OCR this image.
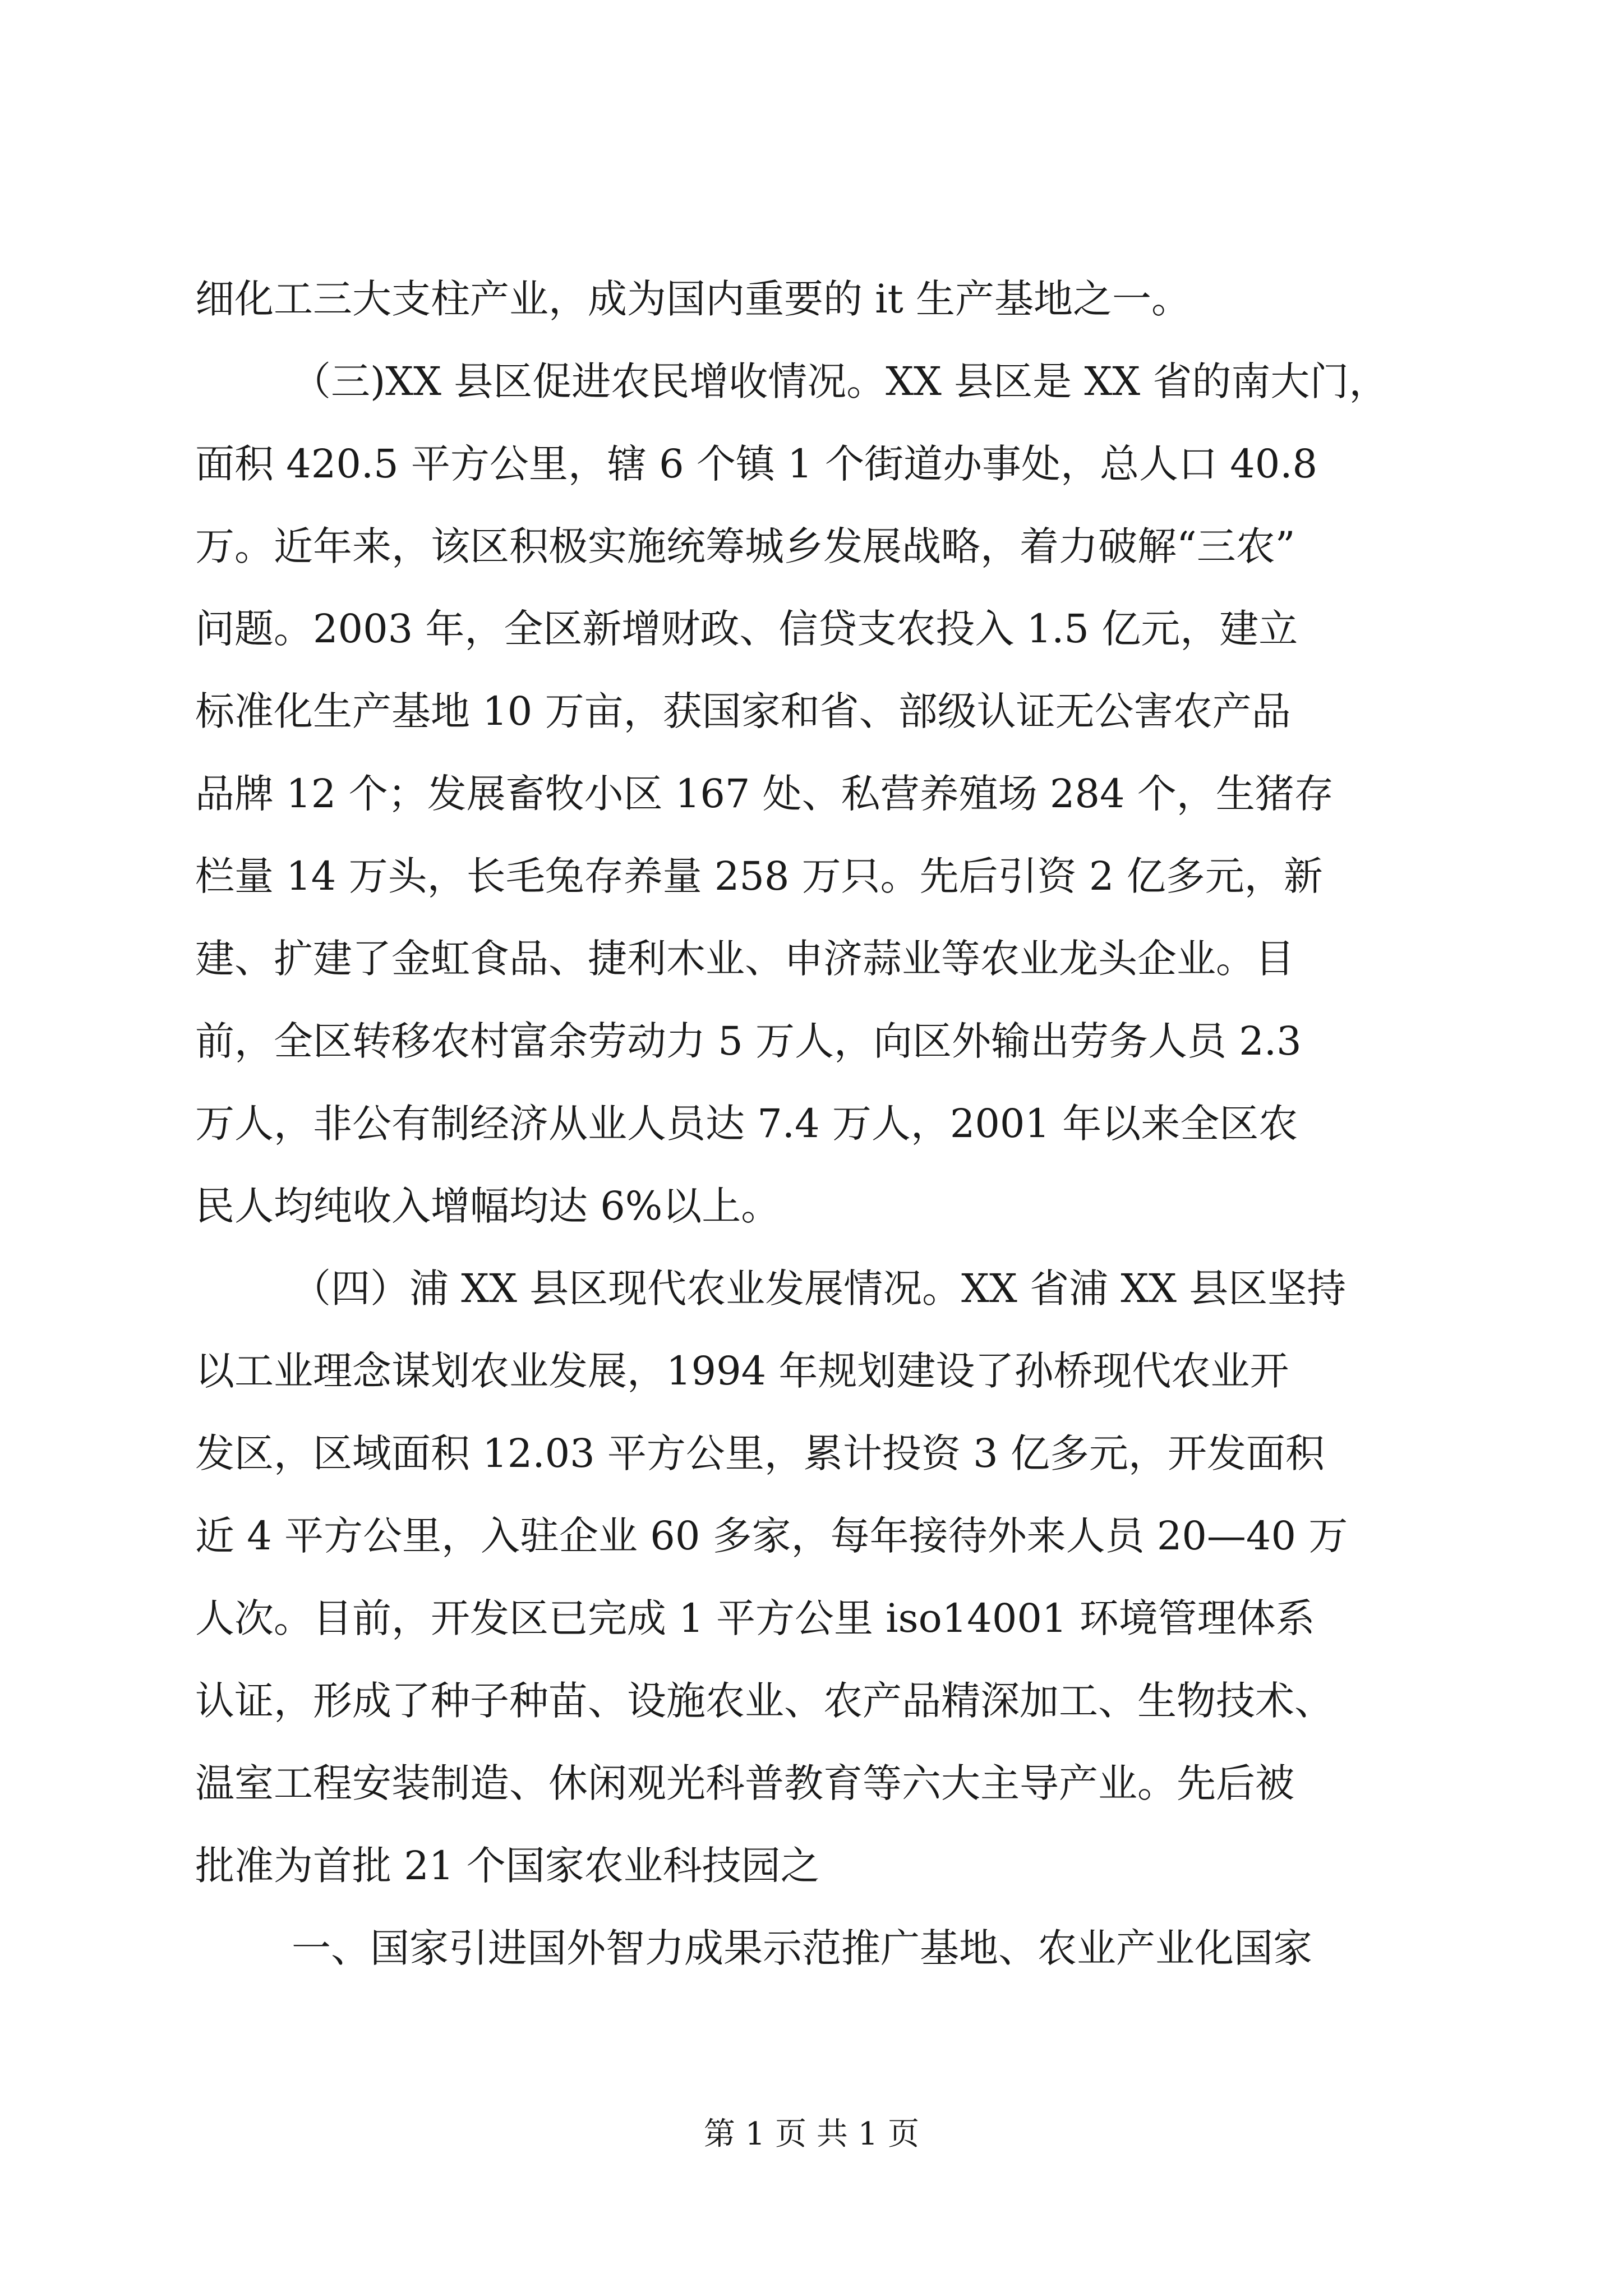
细化工三大支柱产业，成为国内重要的 it 生产基地之一。
（三)XX 县区促进农民增收情况。XX 县区是 XX 省的南大门，
面积 420.5 平方公里，辖 6 个镇 1 个街道办事处，总人口 40.8
万。近年来，该区积极实施统筹城乡发展战略，着力破解“三农”
问题。2003 年，全区新增财政、信贷支农投入 1.5 亿元，建立
标准化生产基地 10 万亩，获国家和省、部级认证无公害农产品
品牌 12 个；发展畜牧小区 167 处、私营养殖场 284 个，生猪存
栏量 14 万头，长毛兔存养量 258 万只。先后引资 2 亿多元，新
建、扩建了金虹食品、捷利木业、申济蒜业等农业龙头企业。目
前，全区转移农村富余劳动力 5 万人，向区外输出劳务人员 2.3
万人，非公有制经济从业人员达 7.4 万人，2001 年以来全区农
民人均纯收入增幅均达 6%以上。
（四）浦 XX 县区现代农业发展情况。XX 省浦 XX 县区坚持
以工业理念谋划农业发展，1994 年规划建设了孙桥现代农业开
发区，区域面积 12.03 平方公里，累计投资 3 亿多元，开发面积
近 4 平方公里，入驻企业 60 多家，每年接待外来人员 20—40 万
人次。目前，开发区已完成 1 平方公里 iso14001 环境管理体系
认证，形成了种子种苗、设施农业、农产品精深加工、生物技术、
温室工程安装制造、休闲观光科普教育等六大主导产业。先后被
批准为首批 21 个国家农业科技园之
一、国家引进国外智力成果示范推广基地、农业产业化国家
第 1 页 共 1 页
